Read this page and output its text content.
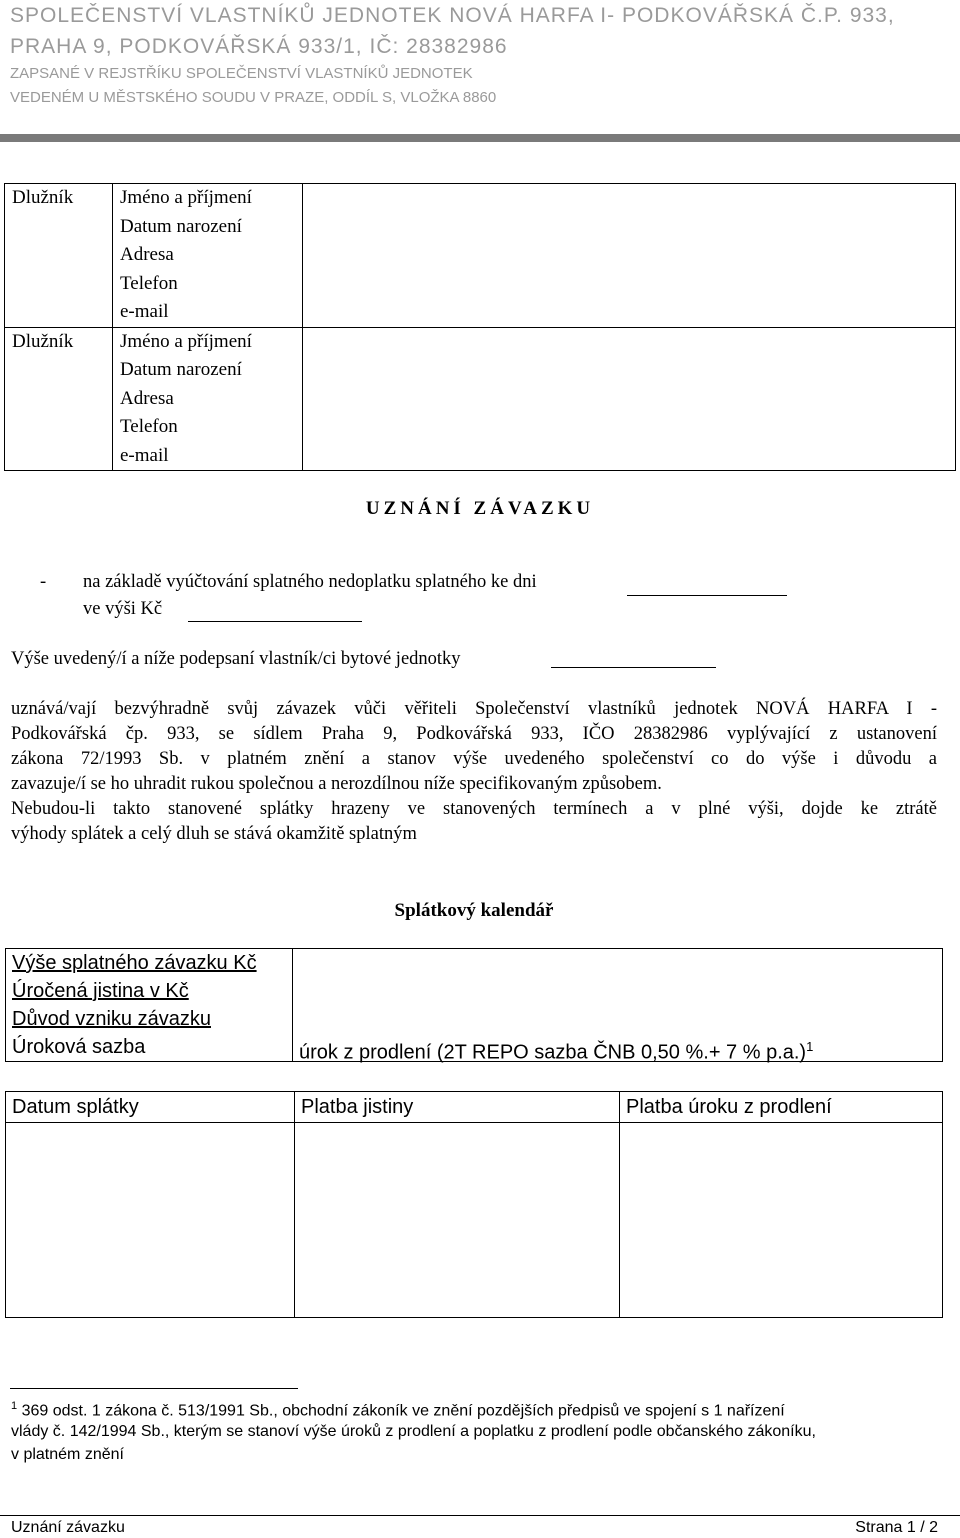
SPOLEČENSTVÍ VLASTNÍKŮ JEDNOTEK NOVÁ HARFA I- PODKOVÁŘSKÁ Č.P. 933,
PRAHA 9, PODKOVÁŘSKÁ 933/1, IČ: 28382986
ZAPSANÉ V REJSTŘÍKU SPOLEČENSTVÍ VLASTNÍKŮ JEDNOTEK
VEDENÉM U MĚSTSKÉHO SOUDU V PRAZE, ODDÍL S, VLOŽKA 8860
Dlužník	Jméno a příjmení
Datum narození
Adresa
Telefon
e-mail	

Dlužník	Jméno a příjmení
Datum narození
Adresa
Telefon
e-mail	

UZNÁNÍ ZÁVAZKU
- na základě vyúčtování splatného nedoplatku splatného ke dni
ve výši Kč
Výše uvedený/í a níže podepsaní vlastník/ci bytové jednotky
uznává/vají bezvýhradně svůj závazek vůči věřiteli Společenství vlastníků jednotek NOVÁ HARFA I -
Podkovářská čp. 933, se sídlem Praha 9, Podkovářská 933, IČO 28382986 vyplývající z ustanovení
zákona 72/1993 Sb. v platném znění a stanov výše uvedeného společenství co do výše i důvodu a
zavazuje/í se ho uhradit rukou společnou a nerozdílnou níže specifikovaným způsobem.
Nebudou-li takto stanovené splátky hrazeny ve stanovených termínech a v plné výši, dojde ke ztrátě
výhody splátek a celý dluh se stává okamžitě splatným
Splátkový kalendář
Výše splatného závazku Kč
Úročená jistina v Kč
Důvod vzniku závazku
Úroková sazba	úrok z prodlení (2T REPO sazba ČNB 0,50 %.+ 7 % p.a.)$^1$
Datum splátky	Platba jistiny	Platba úroku z prodlení

$^1$ 369 odst. 1 zákona č. 513/1991 Sb., obchodní zákoník ve znění pozdějších předpisů ve spojení s 1 nařízení
vlády č. 142/1994 Sb., kterým se stanoví výše úroků z prodlení a poplatku z prodlení podle občanského zákoníku,
v platném znění
Uznání závazku	Strana 1 / 2
